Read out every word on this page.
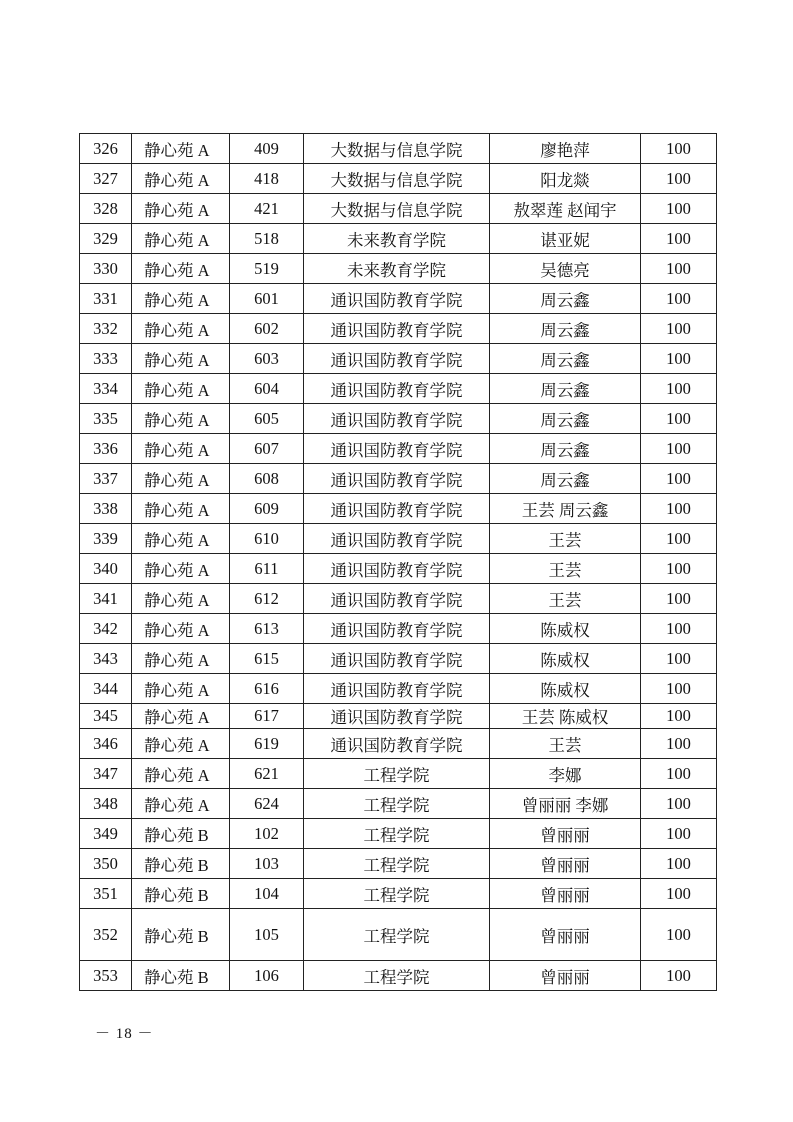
326	静心苑 A	409	大数据与信息学院	廖艳萍	100
327	静心苑 A	418	大数据与信息学院	阳龙燚	100
328	静心苑 A	421	大数据与信息学院	敖翠莲 赵闻宇	100
329	静心苑 A	518	未来教育学院	谌亚妮	100
330	静心苑 A	519	未来教育学院	吴德亮	100
331	静心苑 A	601	通识国防教育学院	周云鑫	100
332	静心苑 A	602	通识国防教育学院	周云鑫	100
333	静心苑 A	603	通识国防教育学院	周云鑫	100
334	静心苑 A	604	通识国防教育学院	周云鑫	100
335	静心苑 A	605	通识国防教育学院	周云鑫	100
336	静心苑 A	607	通识国防教育学院	周云鑫	100
337	静心苑 A	608	通识国防教育学院	周云鑫	100
338	静心苑 A	609	通识国防教育学院	王芸 周云鑫	100
339	静心苑 A	610	通识国防教育学院	王芸	100
340	静心苑 A	611	通识国防教育学院	王芸	100
341	静心苑 A	612	通识国防教育学院	王芸	100
342	静心苑 A	613	通识国防教育学院	陈威权	100
343	静心苑 A	615	通识国防教育学院	陈威权	100
344	静心苑 A	616	通识国防教育学院	陈威权	100
345	静心苑 A	617	通识国防教育学院	王芸 陈威权	100
346	静心苑 A	619	通识国防教育学院	王芸	100
347	静心苑 A	621	工程学院	李娜	100
348	静心苑 A	624	工程学院	曾丽丽 李娜	100
349	静心苑 B	102	工程学院	曾丽丽	100
350	静心苑 B	103	工程学院	曾丽丽	100
351	静心苑 B	104	工程学院	曾丽丽	100
352	静心苑 B	105	工程学院	曾丽丽	100
353	静心苑 B	106	工程学院	曾丽丽	100
－ 18 －
